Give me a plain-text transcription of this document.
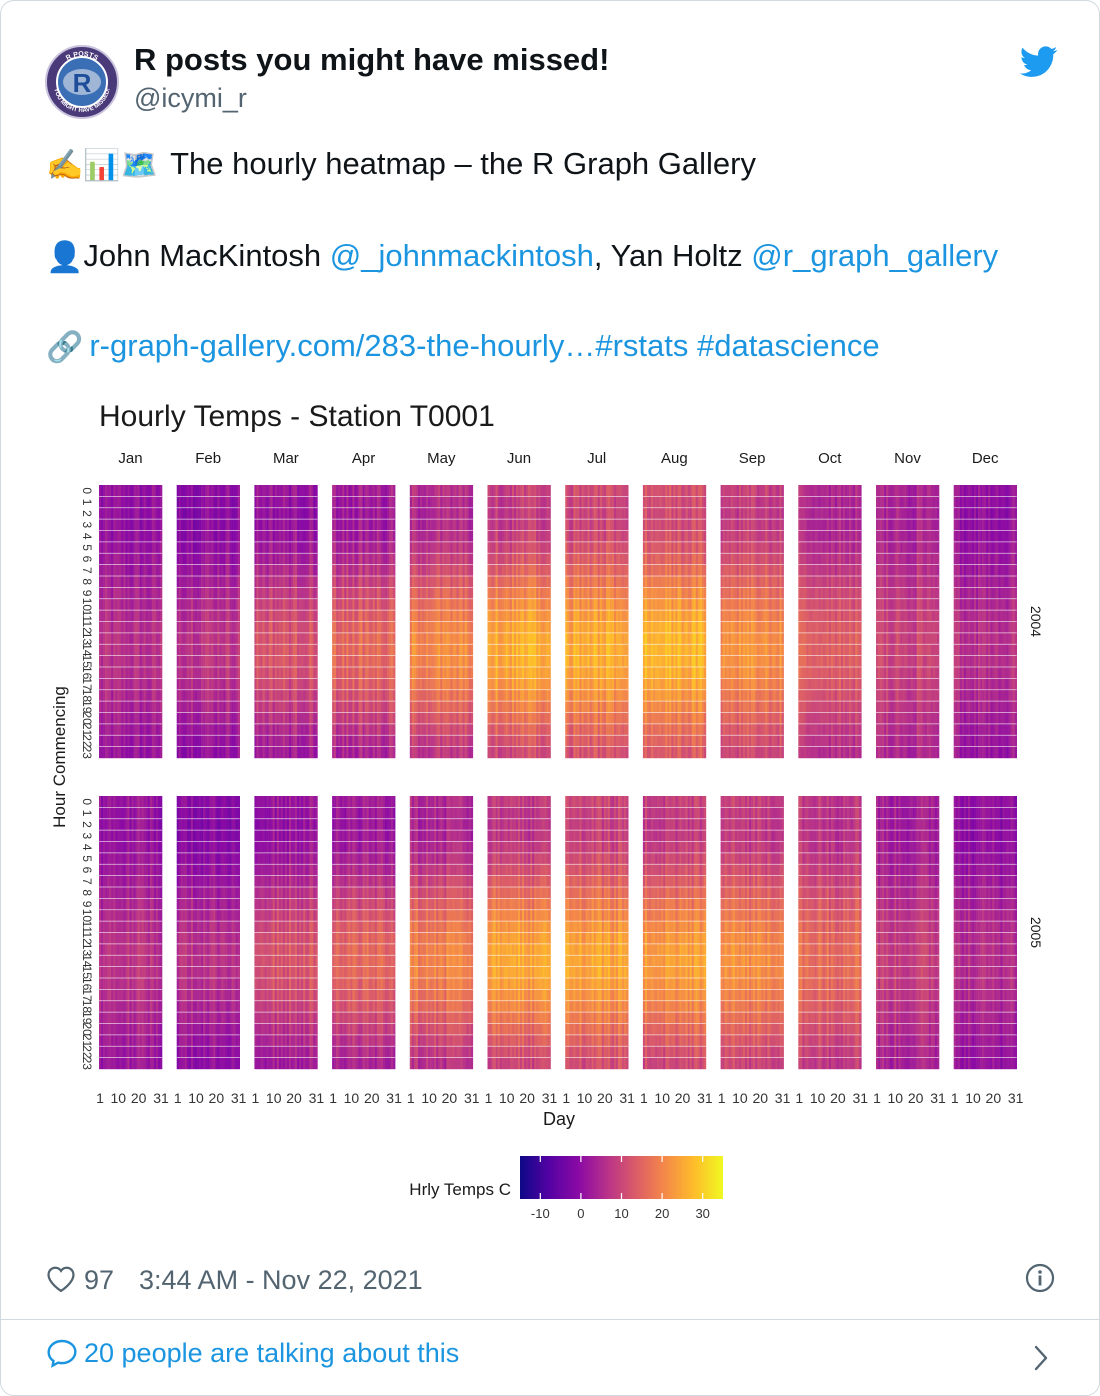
R
R POSTS
YOU MIGHT HAVE MISSED!
R posts you might have missed!
@icymi_r
✍️📊🗺️ The hourly heatmap – the R Graph Gallery
👤John MacKintosh @_johnmackintosh, Yan Holtz @r_graph_gallery
🔗 r-graph-gallery.com/283-the-hourly…#rstats #datascience
Hourly Temps - Station T0001
Jan	Feb	Mar	Apr	May	Jun	Jul	Aug	Sep	Oct	Nov	Dec
2004
2005
0
1
2
3
4
5
6
7
8
9
10
11
12
13
14
15
16
17
18
19
20
21
22
23
0
1
2
3
4
5
6
7
8
9
10
11
12
13
14
15
16
17
18
19
20
21
22
23
1 10 20 31 1 10 20 31 1 10 20 31 1 10 20 31 1 10 20 31 1 10 20 31 1 10 20 31 1 10 20 31 1 10 20 31 1 10 20 31 1 10 20 31 1 10 20 31
Hour Commencing
Day
Hrly Temps C
-10 0 10 20 30
97 3:44 AM - Nov 22, 2021
20 people are talking about this
